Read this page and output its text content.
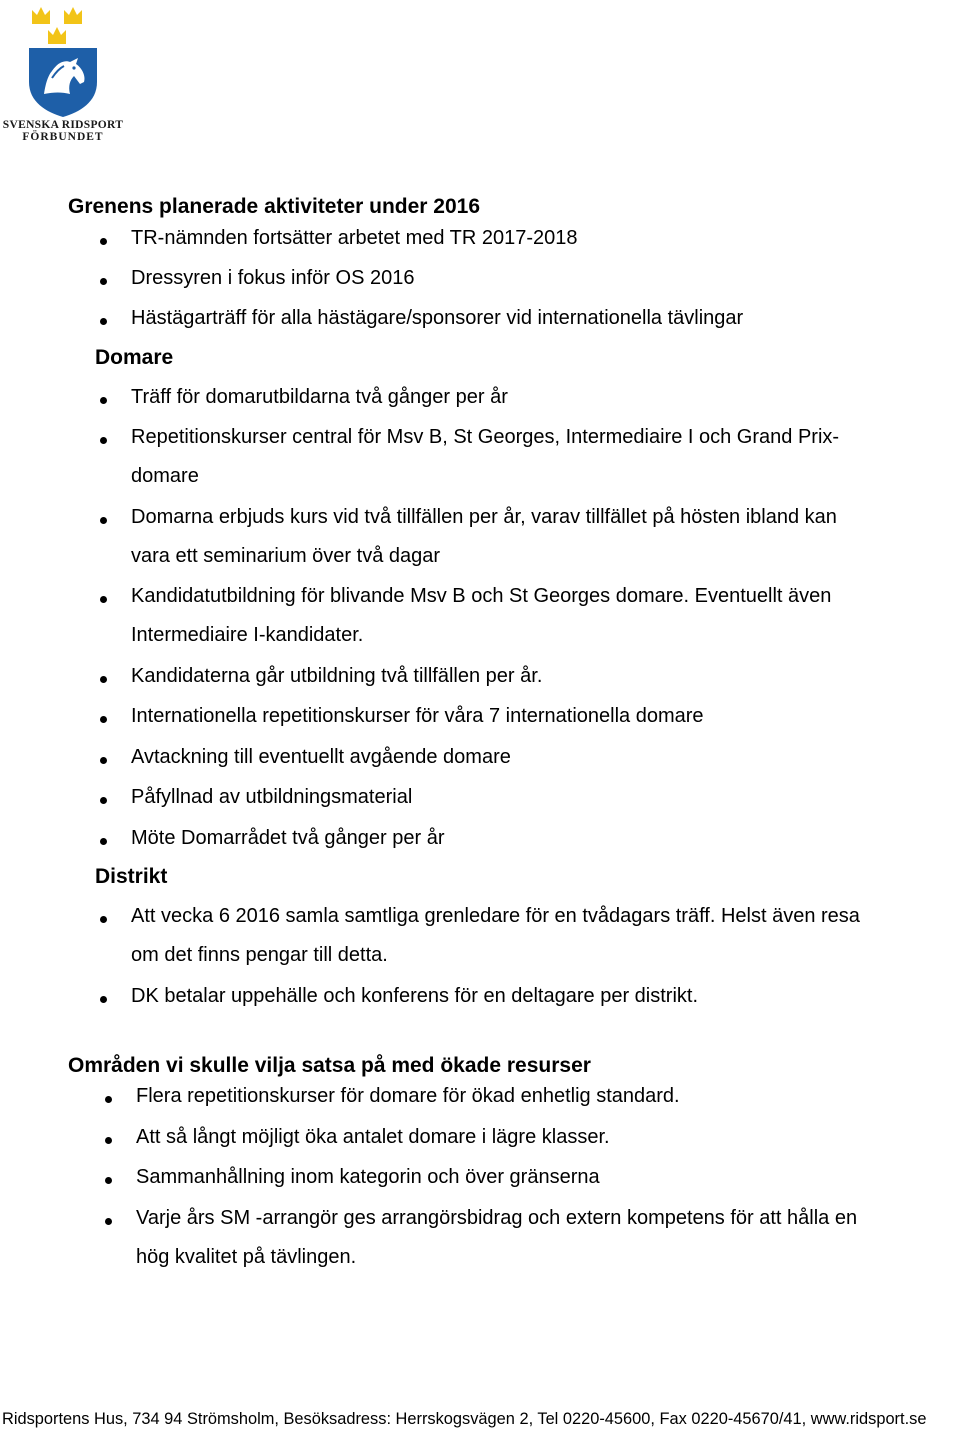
SVENSKA RIDSPORT
FÖRBUNDET
Grenens planerade aktiviteter under 2016
TR-nämnden fortsätter arbetet med TR 2017-2018
Dressyren i fokus inför OS 2016
Hästägarträff för alla hästägare/sponsorer vid internationella tävlingar
Domare
Träff för domarutbildarna två gånger per år
Repetitionskurser central för Msv B, St Georges, Intermediaire I och Grand Prix-
domare
Domarna erbjuds kurs vid två tillfällen per år, varav tillfället på hösten ibland kan
vara ett seminarium över två dagar
Kandidatutbildning för blivande Msv B och St Georges domare. Eventuellt även
Intermediaire I-kandidater.
Kandidaterna går utbildning två tillfällen per år.
Internationella repetitionskurser för våra 7 internationella domare
Avtackning till eventuellt avgående domare
Påfyllnad av utbildningsmaterial
Möte Domarrådet två gånger per år
Distrikt
Att vecka 6 2016 samla samtliga grenledare för en tvådagars träff. Helst även resa
om det finns pengar till detta.
DK betalar uppehälle och konferens för en deltagare per distrikt.
Områden vi skulle vilja satsa på med ökade resurser
Flera repetitionskurser för domare för ökad enhetlig standard.
Att så långt möjligt öka antalet domare i lägre klasser.
Sammanhållning inom kategorin och över gränserna
Varje års SM -arrangör ges arrangörsbidrag och extern kompetens för att hålla en
hög kvalitet på tävlingen.
Ridsportens Hus, 734 94 Strömsholm, Besöksadress: Herrskogsvägen 2, Tel 0220-45600, Fax 0220-45670/41, www.ridsport.se
